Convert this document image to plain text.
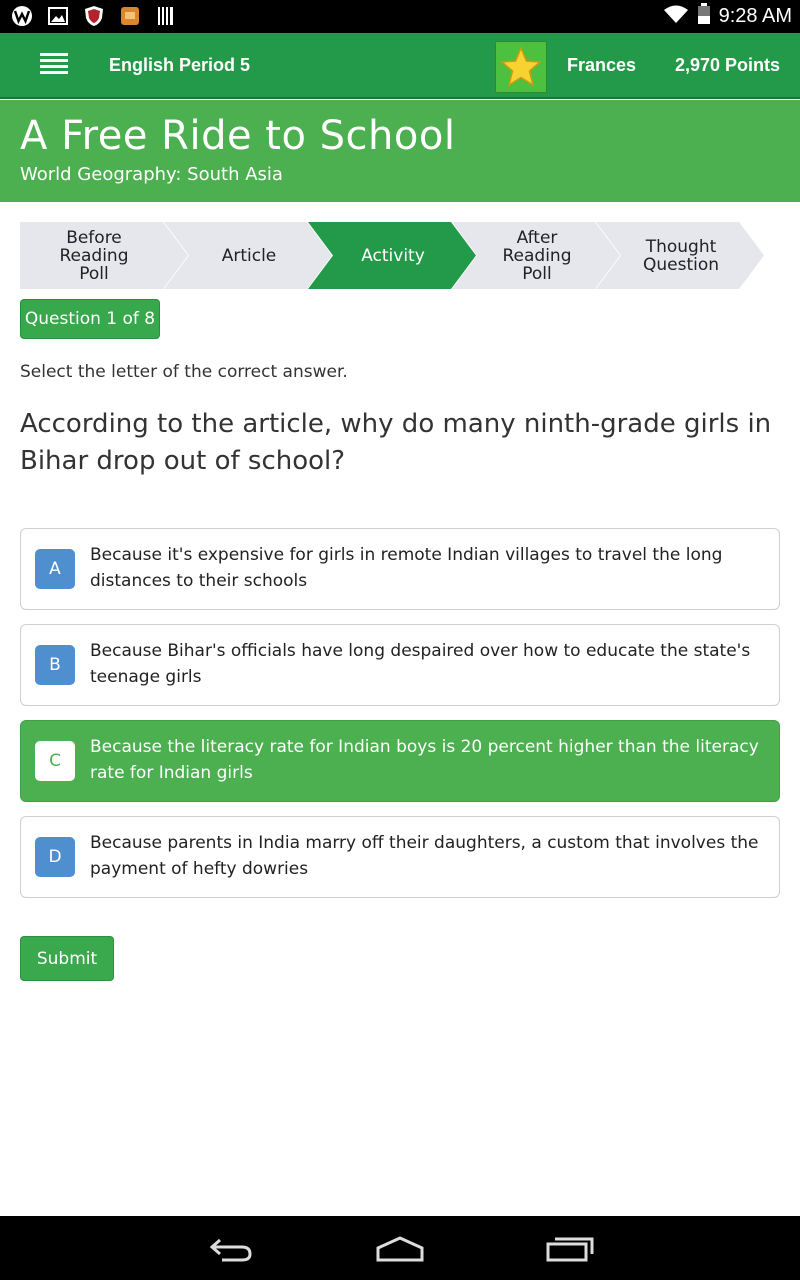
9:28 AM
English Period 5	Frances 2,970 Points
A Free Ride to School
World Geography: South Asia
Before
Reading
Poll
Article	Activity
After
Reading
Poll
Thought
Question
Question 1 of 8
Select the letter of the correct answer.
According to the article, why do many ninth-grade girls in Bihar drop out of school?
A
Because it's expensive for girls in remote Indian villages to travel the long distances to their schools
B
Because Bihar's officials have long despaired over how to educate the state's teenage girls
C
Because the literacy rate for Indian boys is 20 percent higher than the literacy rate for Indian girls
D
Because parents in India marry off their daughters, a custom that involves the payment of hefty dowries
Submit
